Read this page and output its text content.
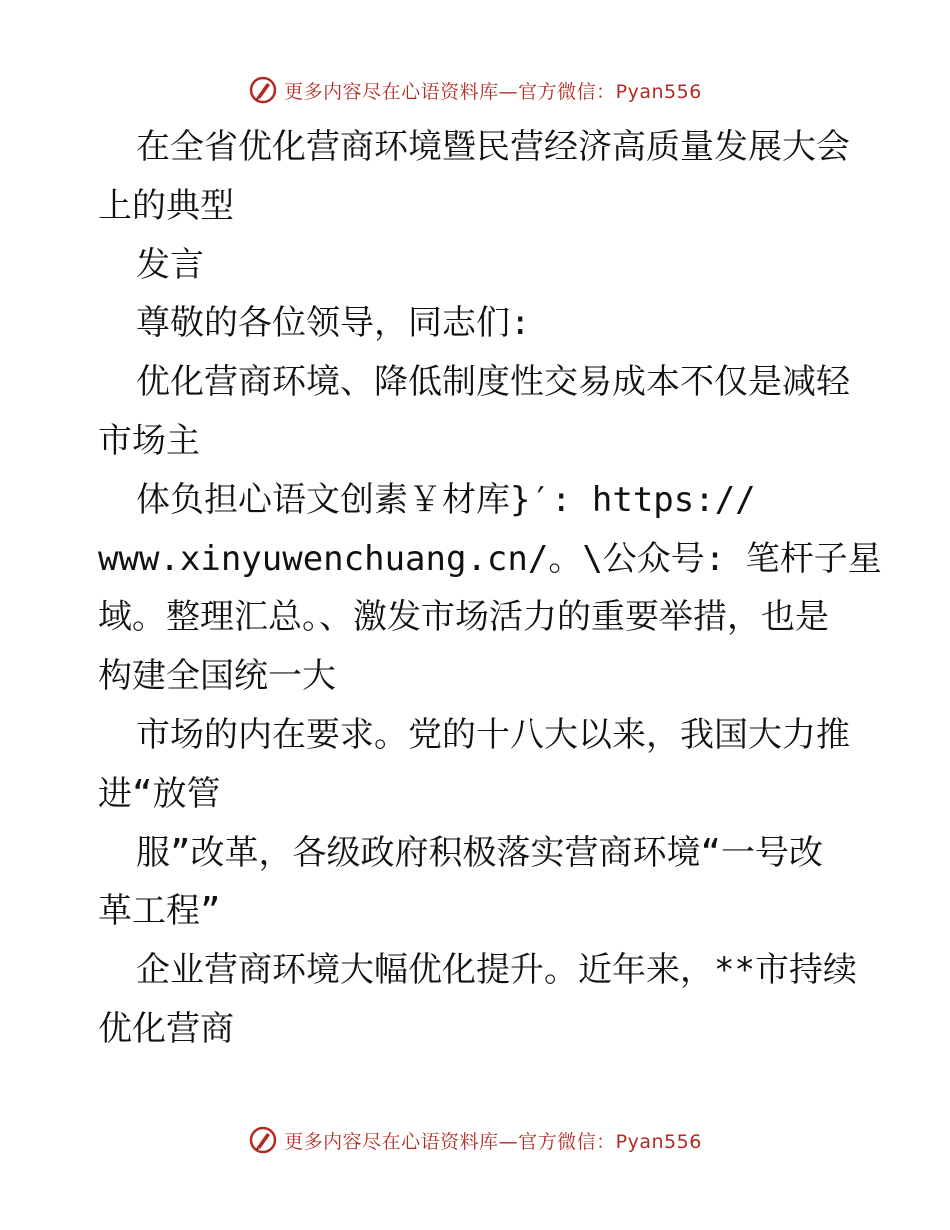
更多内容尽在心语资料库—官方微信：Pyan556
在全省优化营商环境暨民营经济高质量发展大会
上的典型
发言
尊敬的各位领导，同志们:
优化营商环境、降低制度性交易成本不仅是减轻
市场主
体负担心语文创素￥材库}′: https://
www.xinyuwenchuang.cn/。\公众号: 笔杆子星
域。整理汇总。、激发市场活力的重要举措，也是
构建全国统一大
市场的内在要求。党的十八大以来，我国大力推
进“放管
服”改革，各级政府积极落实营商环境“一号改
革工程”
企业营商环境大幅优化提升。近年来，**市持续
优化营商
更多内容尽在心语资料库—官方微信：Pyan556
